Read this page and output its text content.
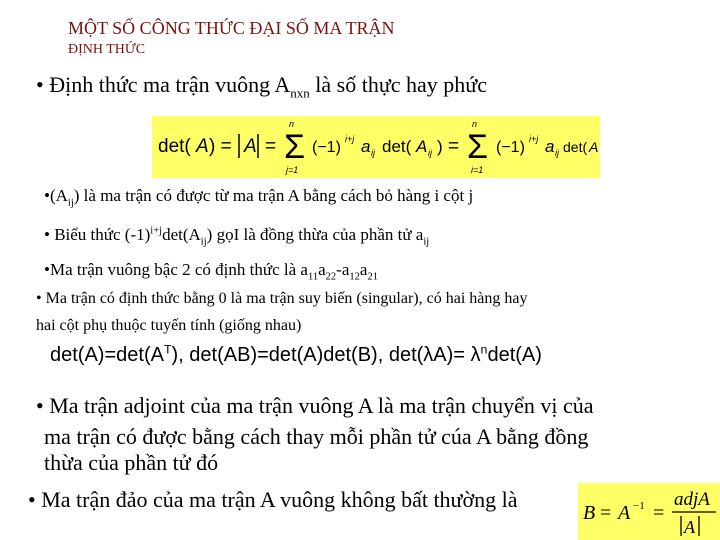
MỘT SỐ CÔNG THỨC ĐẠI SỐ MA TRẬN
ĐỊNH THỨC
• Định thức ma trận vuông $A_{nxn}$ là số thực hay phức
det( A ) = A = Σ
n
j=1
(−1) i+j a ij det( A ij ) = Σ
n
i=1
(−1) i+j a ij det( A
$•(A_{ij})$ là ma trận có được từ ma trận A bằng cách bỏ hàng i cột j
• Biểu thức $(-1)^{i+j}\det(A_{ij})$ gọI là đồng thừa của phần tử $a_{ij}$
•Ma trận vuông bậc 2 có định thức là $a_{11}a_{22}-a_{12}a_{21}$
• Ma trận có định thức bằng 0 là ma trận suy biến (singular), có hai hàng hay
hai cột phụ thuộc tuyến tính (giống nhau)
$\det(A)=\det(A^T)$, det(AB)=det(A)det(B), $\det(\lambda A)= \lambda^n\det(A)$
• Ma trận adjoint của ma trận vuông A là ma trận chuyển vị của
ma trận có được bằng cách thay mỗi phần tử cúa A bằng đồng
thừa của phần tử đó
• Ma trận đảo của ma trận A vuông không bất thường là
B = A −1 =
adjA
A
